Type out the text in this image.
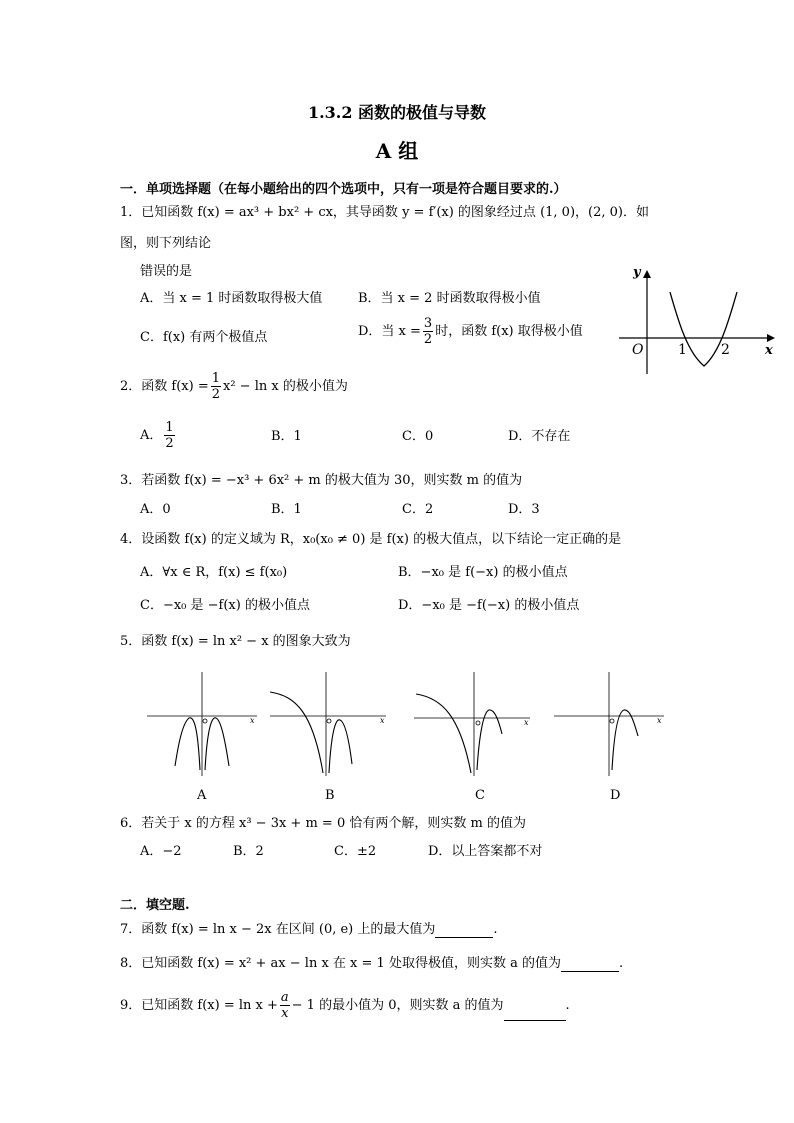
1.3.2 函数的极值与导数
A 组
一．单项选择题（在每小题给出的四个选项中，只有一项是符合题目要求的.）
1．已知函数 f(x) = ax³ + bx² + cx，其导函数 y = f′(x) 的图象经过点 (1, 0)，(2, 0)．如
图，则下列结论
错误的是
A．当 x = 1 时函数取得极大值	B．当 x = 2 时函数取得极小值
C．f(x) 有两个极值点	D．当 $x = \frac{3}{2}$ 时，函数 f(x) 取得极小值
y
x
O 1 2
2．函数 $f(x) = \frac{1}{2} x^2 - \ln x$ 的极小值为
A． $\frac{1}{2}$	B．1	C．0	D．不存在
3．若函数 f(x) = −x³ + 6x² + m 的极大值为 30，则实数 m 的值为
A．0	B．1	C．2	D．3
4．设函数 f(x) 的定义域为 R，x₀(x₀ ≠ 0) 是 f(x) 的极大值点，以下结论一定正确的是
A．∀x ∈ R，f(x) ≤ f(x₀)	B．−x₀ 是 f(−x) 的极小值点
C．−x₀ 是 −f(x) 的极小值点	D．−x₀ 是 −f(−x) 的极小值点
5．函数 f(x) = ln x² − x 的图象大致为
x	x	x	x
A	B	C	D
6．若关于 x 的方程 x³ − 3x + m = 0 恰有两个解，则实数 m 的值为
A．−2	B．2	C．±2	D．以上答案都不对
二．填空题.
7．函数 f(x) = ln x − 2x 在区间 (0, e) 上的最大值为	.
8．已知函数 f(x) = x² + ax − ln x 在 x = 1 处取得极值，则实数 a 的值为	.
9．已知函数 $f(x) = \ln x + \frac{a}{x} - 1$ 的最小值为 0，则实数 a 的值为	.
